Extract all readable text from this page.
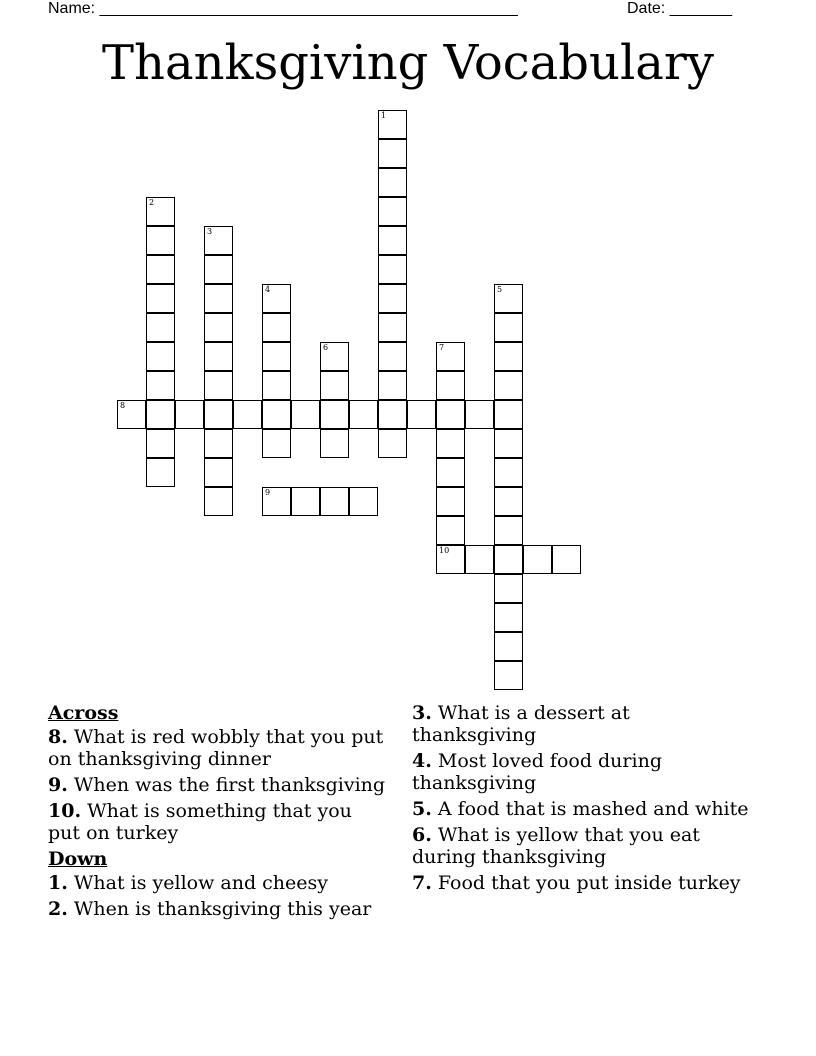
Name: _______________________________________________	Date: _______
Thanksgiving Vocabulary
1
2
3
4	5
6	7
10
8
9
Across
8. What is red wobbly that you put on thanksgiving dinner
9. When was the first thanksgiving
10. What is something that you put on turkey
Down
1. What is yellow and cheesy
2. When is thanksgiving this year
3. What is a dessert at thanksgiving
4. Most loved food during thanksgiving
5. A food that is mashed and white
6. What is yellow that you eat during thanksgiving
7. Food that you put inside turkey
